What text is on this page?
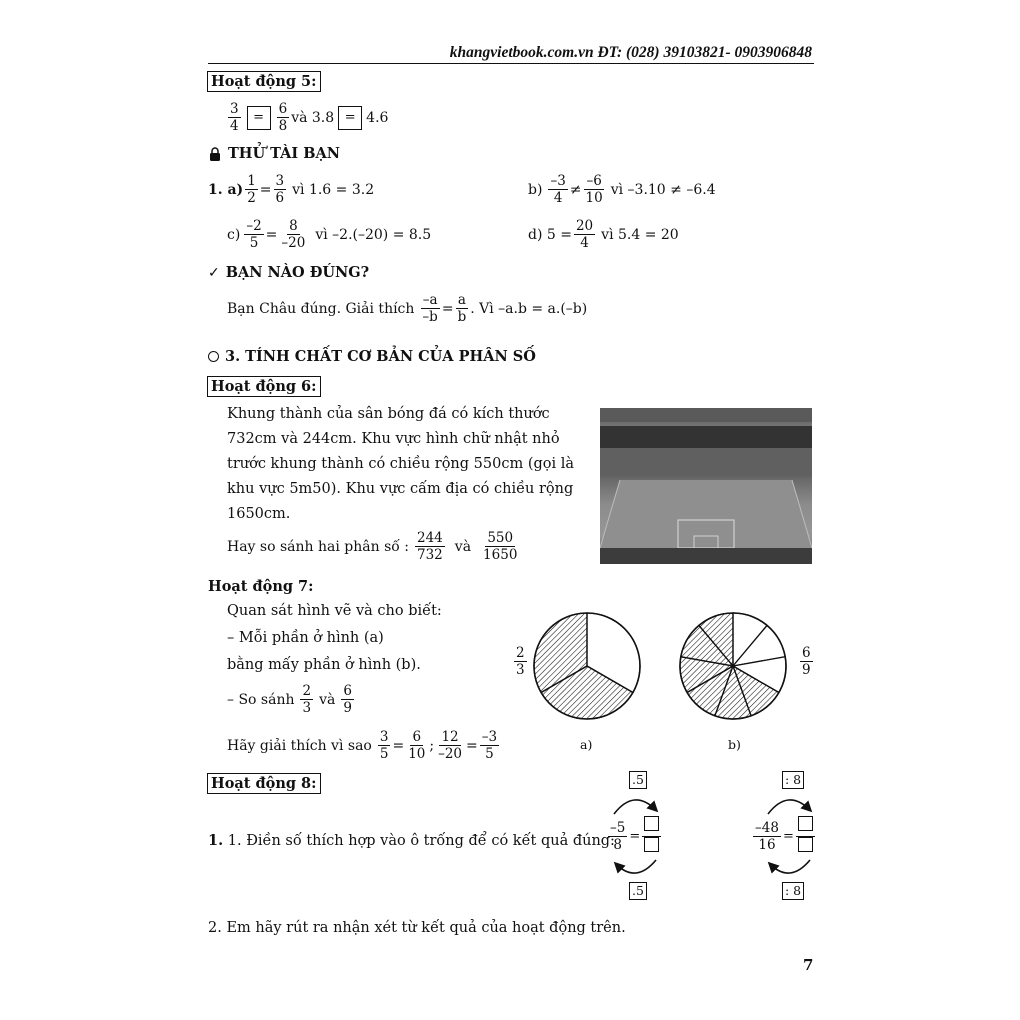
khangvietbook.com.vn ĐT: (028) 39103821- 0903906848
Hoạt động 5:
$\frac{3}{4} = \frac{6}{8}$ và 3.8 = 4.6
THỬ TÀI BẠN
1. $a) \frac{1}{2} = \frac{3}{6}$ vì 1.6 = 3.2	$b) \frac{-3}{4} \ne \frac{-6}{10}$ vì –3.10 ≠ –6.4
$c) \frac{-2}{5} = \frac{8}{-20}$ vì –2.(–20) = 8.5	d) $5 = \frac{20}{4}$ vì 5.4 = 20
✓ BẠN NÀO ĐÚNG?
Bạn Châu đúng. Giải thích $\frac{-a}{-b} = \frac{a}{b}$ . Vì –a.b = a.(–b)
3. TÍNH CHẤT CƠ BẢN CỦA PHÂN SỐ
Hoạt động 6:
Khung thành của sân bóng đá có kích thước
732cm và 244cm. Khu vực hình chữ nhật nhỏ
trước khung thành có chiều rộng 550cm (gọi là
khu vực 5m50). Khu vực cấm địa có chiều rộng
1650cm.
Hay so sánh hai phân số : $\frac{244}{732}$ và $\frac{550}{1650}$
Hoạt động 7:
Quan sát hình vẽ và cho biết:
– Mỗi phần ở hình (a)
bằng mấy phần ở hình (b).
– So sánh $\frac{2}{3}$ và $\frac{6}{9}$
Hãy giải thích vì sao $\frac{3}{5} = \frac{6}{10}$ ; $\frac{12}{-20} = \frac{-3}{5}$
$\frac{2}{3}$
a)
$\frac{6}{9}$
b)
Hoạt động 8:
1. 1. Điền số thích hợp vào ô trống để có kết quả đúng:
.5
$\frac{-5}{8}$ =
.5
: 8
$\frac{-48}{16}$ =
: 8
2. Em hãy rút ra nhận xét từ kết quả của hoạt động trên.
7
